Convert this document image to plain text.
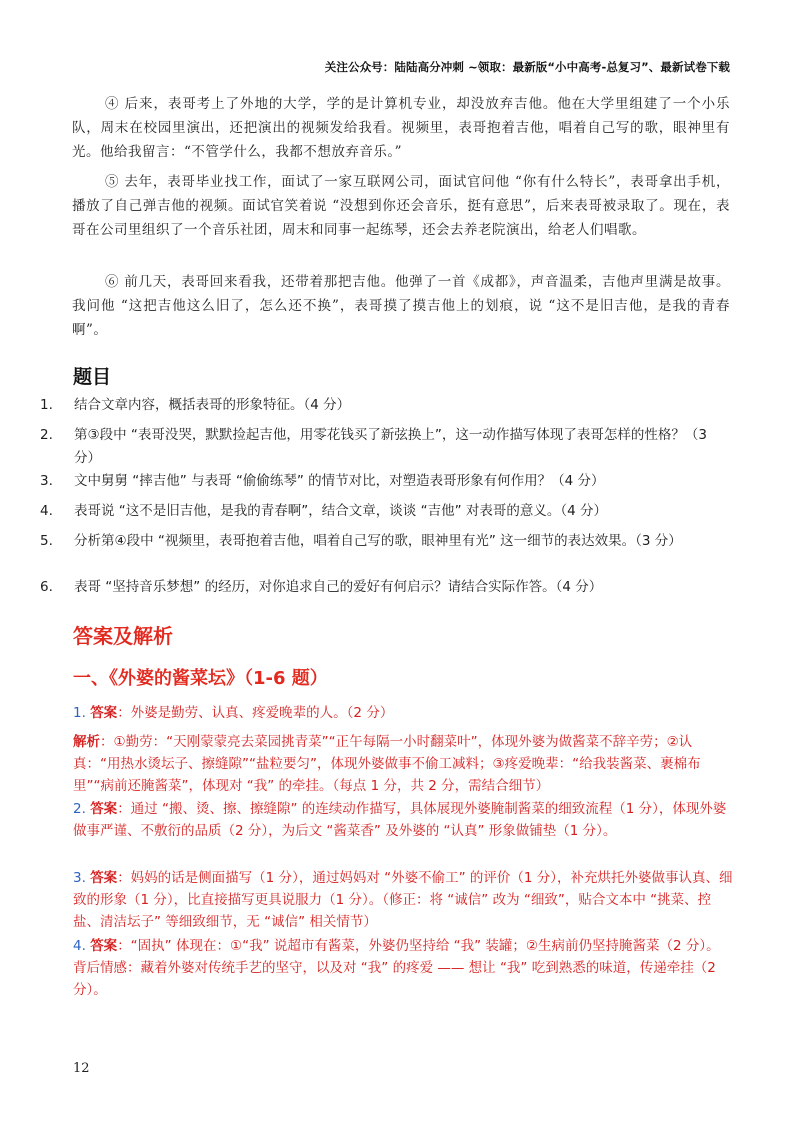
关注公众号：陆陆高分冲刺 ~领取：最新版“小中高考-总复习”、最新试卷下载

④ 后来，表哥考上了外地的大学，学的是计算机专业，却没放弃吉他。他在大学里组建了一个小乐队，周末在校园里演出，还把演出的视频发给我看。视频里，表哥抱着吉他，唱着自己写的歌，眼神里有光。他给我留言：“不管学什么，我都不想放弃音乐。”

⑤ 去年，表哥毕业找工作，面试了一家互联网公司，面试官问他 “你有什么特长”，表哥拿出手机，播放了自己弹吉他的视频。面试官笑着说 “没想到你还会音乐，挺有意思”，后来表哥被录取了。现在，表哥在公司里组织了一个音乐社团，周末和同事一起练琴，还会去养老院演出，给老人们唱歌。

⑥ 前几天，表哥回来看我，还带着那把吉他。他弹了一首《成都》，声音温柔，吉他声里满是故事。我问他 “这把吉他这么旧了，怎么还不换”，表哥摸了摸吉他上的划痕，说 “这不是旧吉他，是我的青春啊”。

题目
1.	结合文章内容，概括表哥的形象特征。（4 分）
2.	第③段中 “表哥没哭，默默捡起吉他，用零花钱买了新弦换上”，这一动作描写体现了表哥怎样的性格？（3 分）
3.	文中舅舅 “摔吉他” 与表哥 “偷偷练琴” 的情节对比，对塑造表哥形象有何作用？（4 分）
4.	表哥说 “这不是旧吉他，是我的青春啊”，结合文章，谈谈 “吉他” 对表哥的意义。（4 分）
5.	分析第④段中 “视频里，表哥抱着吉他，唱着自己写的歌，眼神里有光” 这一细节的表达效果。（3 分）
6.	表哥 “坚持音乐梦想” 的经历，对你追求自己的爱好有何启示？请结合实际作答。（4 分）
答案及解析
一、《外婆的酱菜坛》（1-6 题）
1. 答案：外婆是勤劳、认真、疼爱晚辈的人。（2 分）
解析：①勤劳：“天刚蒙蒙亮去菜园挑青菜”“正午每隔一小时翻菜叶”，体现外婆为做酱菜不辞辛劳；②认真：“用热水烫坛子、擦缝隙”“盐粒要匀”，体现外婆做事不偷工减料；③疼爱晚辈：“给我装酱菜、裹棉布里”“病前还腌酱菜”，体现对 “我” 的牵挂。（每点 1 分，共 2 分，需结合细节）
2. 答案：通过 “搬、烫、擦、擦缝隙” 的连续动作描写，具体展现外婆腌制酱菜的细致流程（1 分），体现外婆做事严谨、不敷衍的品质（2 分），为后文 “酱菜香” 及外婆的 “认真” 形象做铺垫（1 分）。
3. 答案：妈妈的话是侧面描写（1 分），通过妈妈对 “外婆不偷工” 的评价（1 分），补充烘托外婆做事认真、细致的形象（1 分），比直接描写更具说服力（1 分）。（修正：将 “诚信” 改为 “细致”，贴合文本中 “挑菜、控盐、清洁坛子” 等细致细节，无 “诚信” 相关情节）
4. 答案：“固执” 体现在：①“我” 说超市有酱菜，外婆仍坚持给 “我” 装罐；②生病前仍坚持腌酱菜（2 分）。背后情感：藏着外婆对传统手艺的坚守，以及对 “我” 的疼爱 —— 想让 “我” 吃到熟悉的味道，传递牵挂（2 分）。
12
